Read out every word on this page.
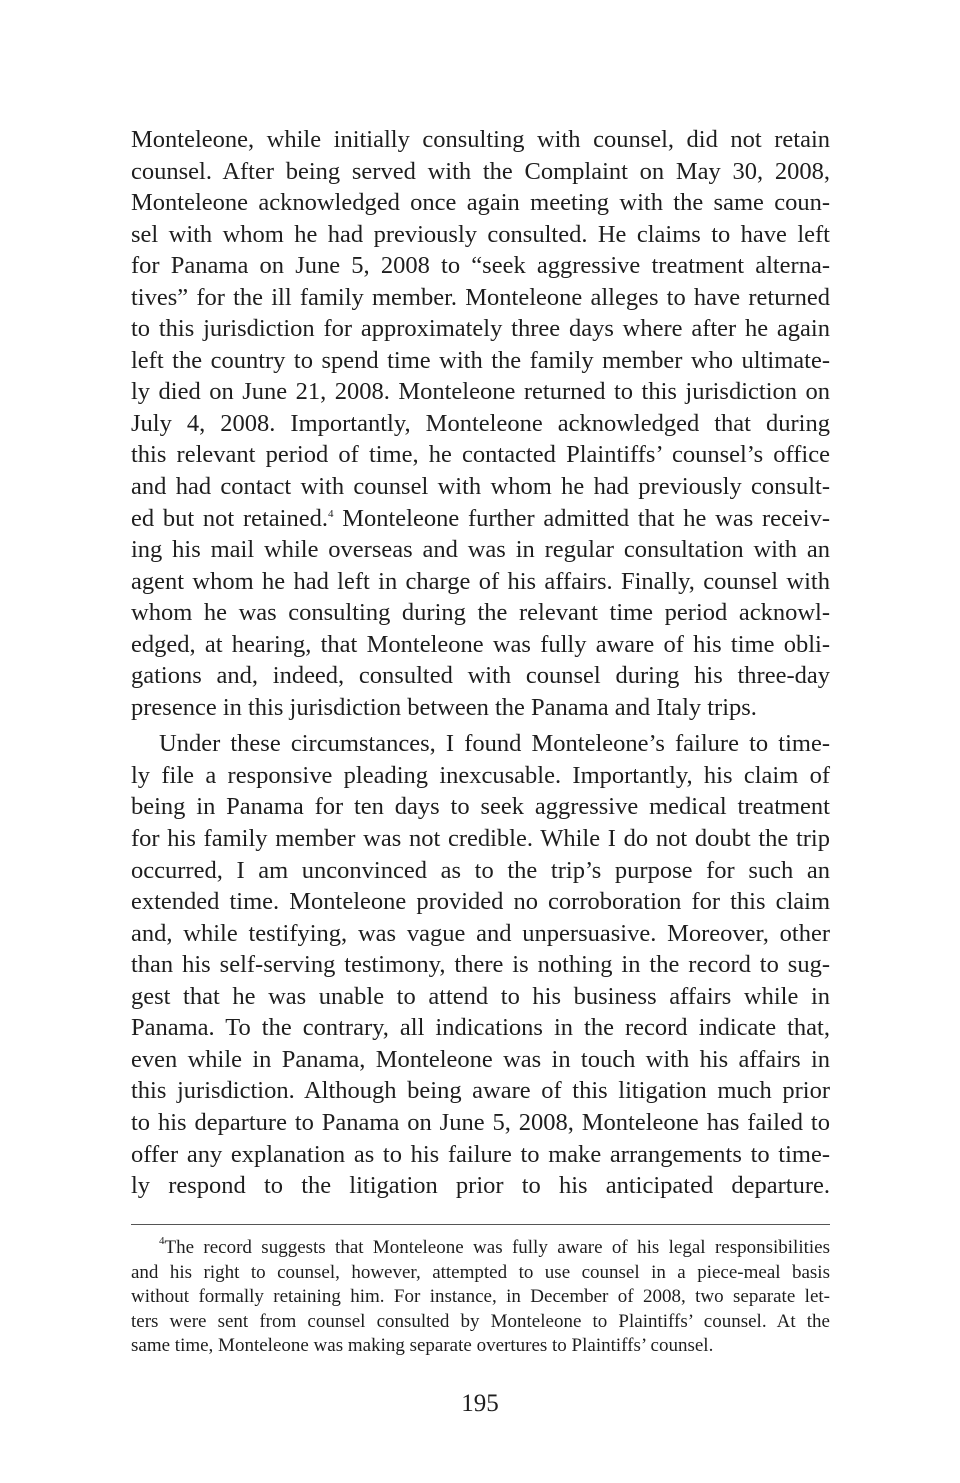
Monteleone, while initially consulting with counsel, did not retain
counsel. After being served with the Complaint on May 30, 2008,
Monteleone acknowledged once again meeting with the same coun-
sel with whom he had previously consulted. He claims to have left
for Panama on June 5, 2008 to “seek aggressive treatment alterna-
tives” for the ill family member. Monteleone alleges to have returned
to this jurisdiction for approximately three days where after he again
left the country to spend time with the family member who ultimate-
ly died on June 21, 2008. Monteleone returned to this jurisdiction on
July 4, 2008. Importantly, Monteleone acknowledged that during
this relevant period of time, he contacted Plaintiffs’ counsel’s office
and had contact with counsel with whom he had previously consult-
ed but not retained.$^4$ Monteleone further admitted that he was receiv-
ing his mail while overseas and was in regular consultation with an
agent whom he had left in charge of his affairs. Finally, counsel with
whom he was consulting during the relevant time period acknowl-
edged, at hearing, that Monteleone was fully aware of his time obli-
gations and, indeed, consulted with counsel during his three-day
presence in this jurisdiction between the Panama and Italy trips.
Under these circumstances, I found Monteleone’s failure to time-
ly file a responsive pleading inexcusable. Importantly, his claim of
being in Panama for ten days to seek aggressive medical treatment
for his family member was not credible. While I do not doubt the trip
occurred, I am unconvinced as to the trip’s purpose for such an
extended time. Monteleone provided no corroboration for this claim
and, while testifying, was vague and unpersuasive. Moreover, other
than his self-serving testimony, there is nothing in the record to sug-
gest that he was unable to attend to his business affairs while in
Panama. To the contrary, all indications in the record indicate that,
even while in Panama, Monteleone was in touch with his affairs in
this jurisdiction. Although being aware of this litigation much prior
to his departure to Panama on June 5, 2008, Monteleone has failed to
offer any explanation as to his failure to make arrangements to time-
ly respond to the litigation prior to his anticipated departure.
$^4$The record suggests that Monteleone was fully aware of his legal responsibilities
and his right to counsel, however, attempted to use counsel in a piece-meal basis
without formally retaining him. For instance, in December of 2008, two separate let-
ters were sent from counsel consulted by Monteleone to Plaintiffs’ counsel. At the
same time, Monteleone was making separate overtures to Plaintiffs’ counsel.
195
